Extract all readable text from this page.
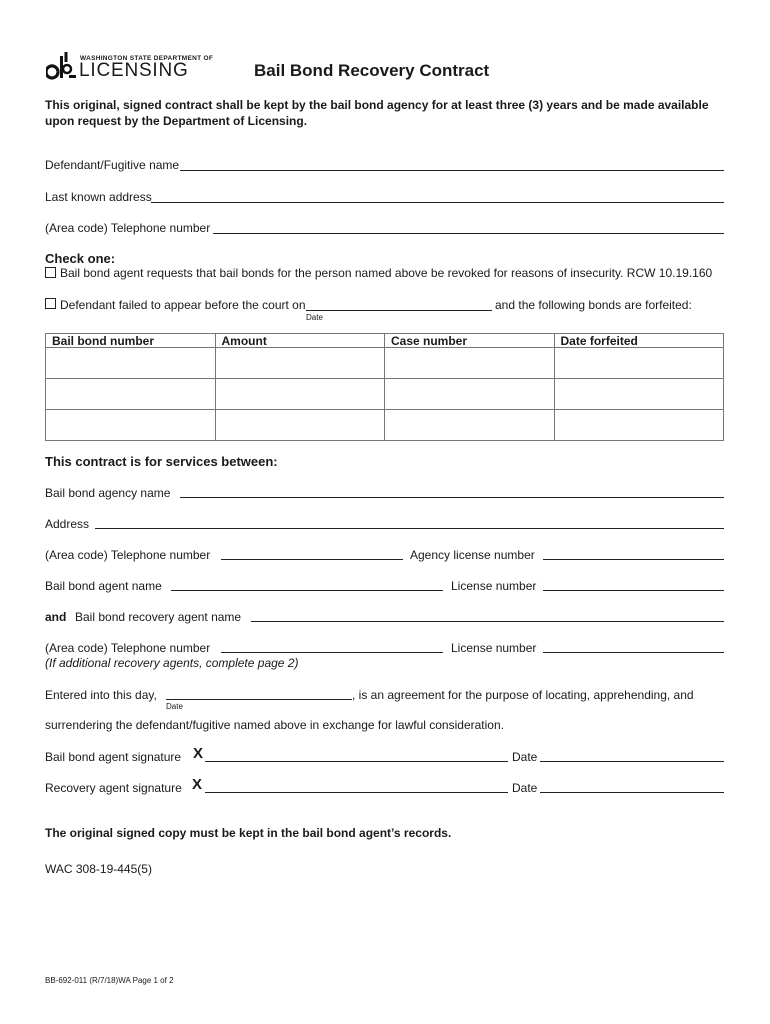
WASHINGTON STATE DEPARTMENT OF
LICENSING	Bail Bond Recovery Contract
This original, signed contract shall be kept by the bail bond agency for at least three (3) years and be made available upon request by the Department of Licensing.
Defendant/Fugitive name
Last known address
(Area code) Telephone number
Check one:
Bail bond agent requests that bail bonds for the person named above be revoked for reasons of insecurity. RCW 10.19.160
Defendant failed to appear before the court on
Date
and the following bonds are forfeited:
Bail bond number	Amount	Case number	Date forfeited

This contract is for services between:
Bail bond agency name
Address
(Area code) Telephone number	Agency license number
Bail bond agent name	License number
and Bail bond recovery agent name
(Area code) Telephone number	License number
(If additional recovery agents, complete page 2)
Entered into this day,
Date
, is an agreement for the purpose of locating, apprehending, and
surrendering the defendant/fugitive named above in exchange for lawful consideration.
Bail bond agent signature X	Date
Recovery agent signature X	Date
The original signed copy must be kept in the bail bond agent’s records.
WAC 308-19-445(5)
BB-692-011 (R/7/18)WA Page 1 of 2
